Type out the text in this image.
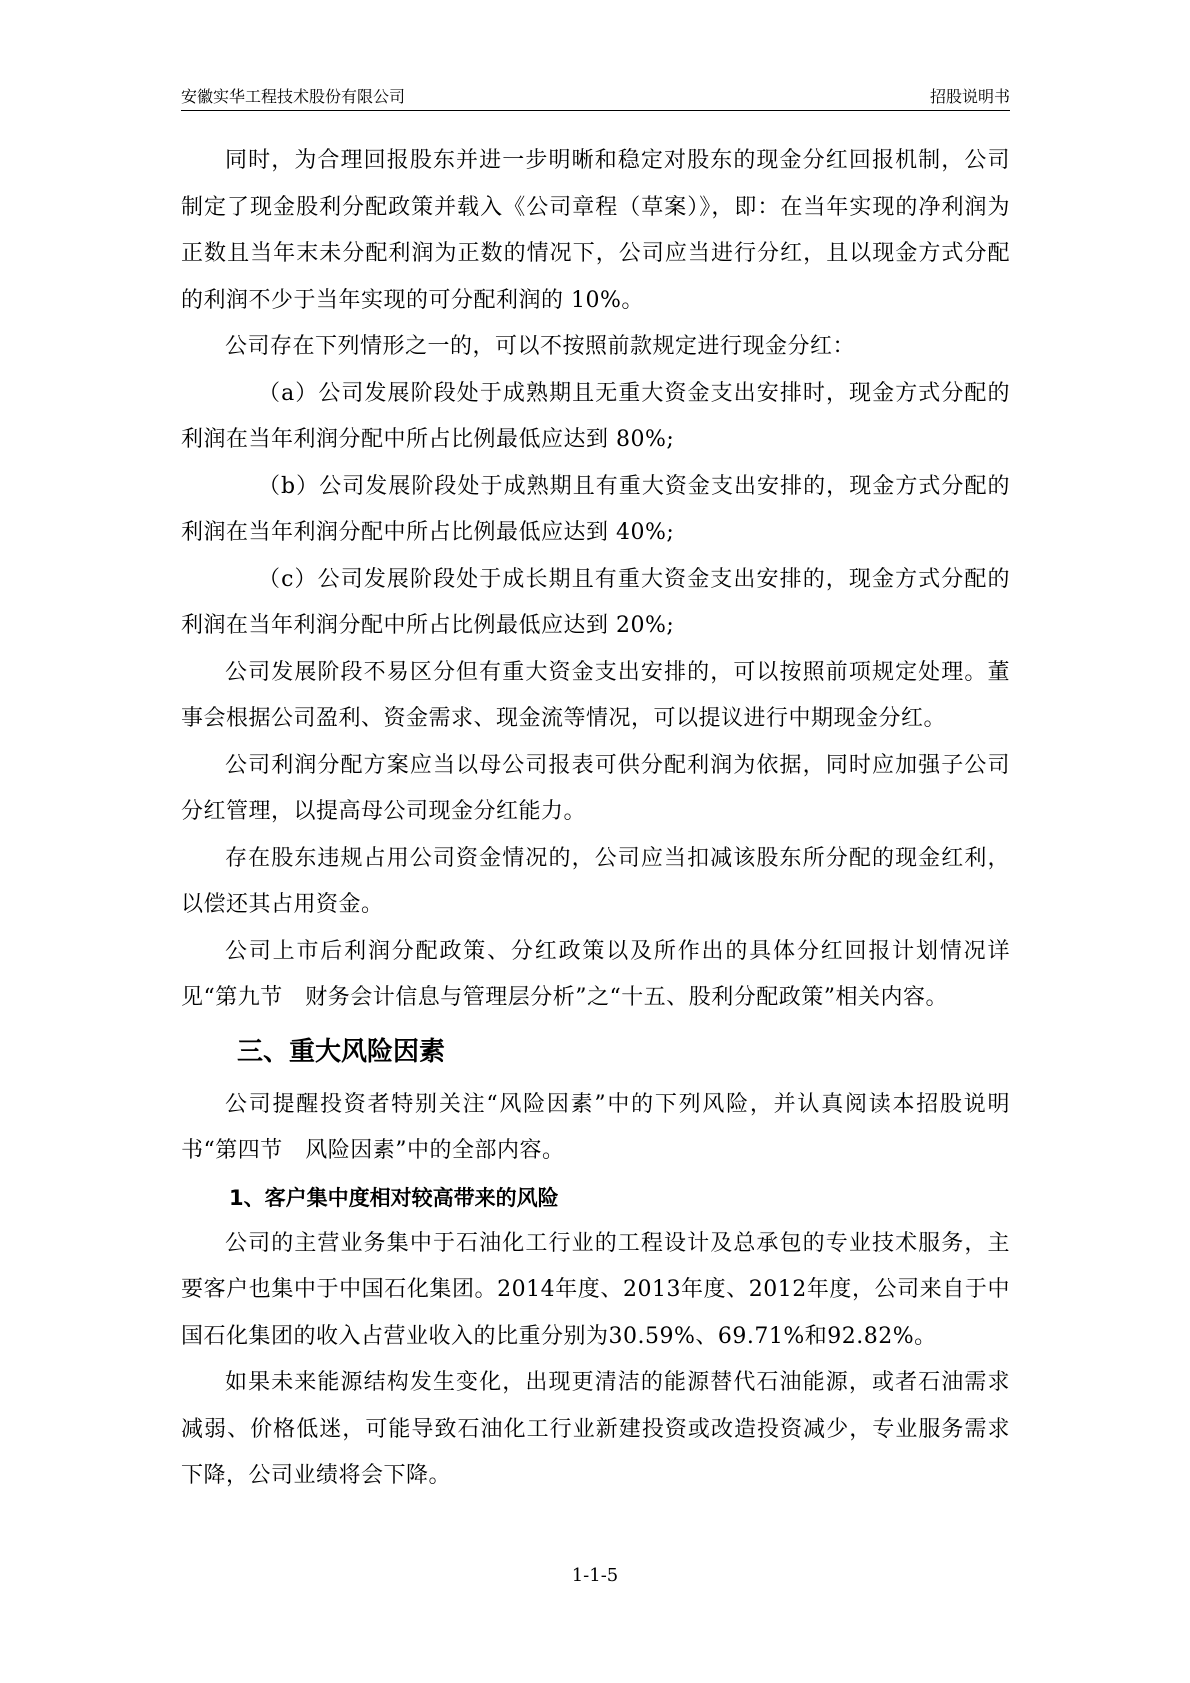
安徽实华工程技术股份有限公司	招股说明书

同时，为合理回报股东并进一步明晰和稳定对股东的现金分红回报机制，公司制定了现金股利分配政策并载入《公司章程（草案）》，即：在当年实现的净利润为正数且当年末未分配利润为正数的情况下，公司应当进行分红，且以现金方式分配的利润不少于当年实现的可分配利润的 10%。

公司存在下列情形之一的，可以不按照前款规定进行现金分红：

（a）公司发展阶段处于成熟期且无重大资金支出安排时，现金方式分配的利润在当年利润分配中所占比例最低应达到 80%;

（b）公司发展阶段处于成熟期且有重大资金支出安排的，现金方式分配的利润在当年利润分配中所占比例最低应达到 40%;

（c）公司发展阶段处于成长期且有重大资金支出安排的，现金方式分配的利润在当年利润分配中所占比例最低应达到 20%;

公司发展阶段不易区分但有重大资金支出安排的，可以按照前项规定处理。董事会根据公司盈利、资金需求、现金流等情况，可以提议进行中期现金分红。

公司利润分配方案应当以母公司报表可供分配利润为依据，同时应加强子公司分红管理，以提高母公司现金分红能力。

存在股东违规占用公司资金情况的，公司应当扣减该股东所分配的现金红利，以偿还其占用资金。

公司上市后利润分配政策、分红政策以及所作出的具体分红回报计划情况详见“第九节　财务会计信息与管理层分析”之“十五、股利分配政策”相关内容。

三、重大风险因素

公司提醒投资者特别关注“风险因素”中的下列风险，并认真阅读本招股说明书“第四节　风险因素”中的全部内容。

1、客户集中度相对较高带来的风险

公司的主营业务集中于石油化工行业的工程设计及总承包的专业技术服务，主要客户也集中于中国石化集团。2014年度、2013年度、2012年度，公司来自于中国石化集团的收入占营业收入的比重分别为30.59%、69.71%和92.82%。

如果未来能源结构发生变化，出现更清洁的能源替代石油能源，或者石油需求减弱、价格低迷，可能导致石油化工行业新建投资或改造投资减少，专业服务需求下降，公司业绩将会下降。

1-1-5
